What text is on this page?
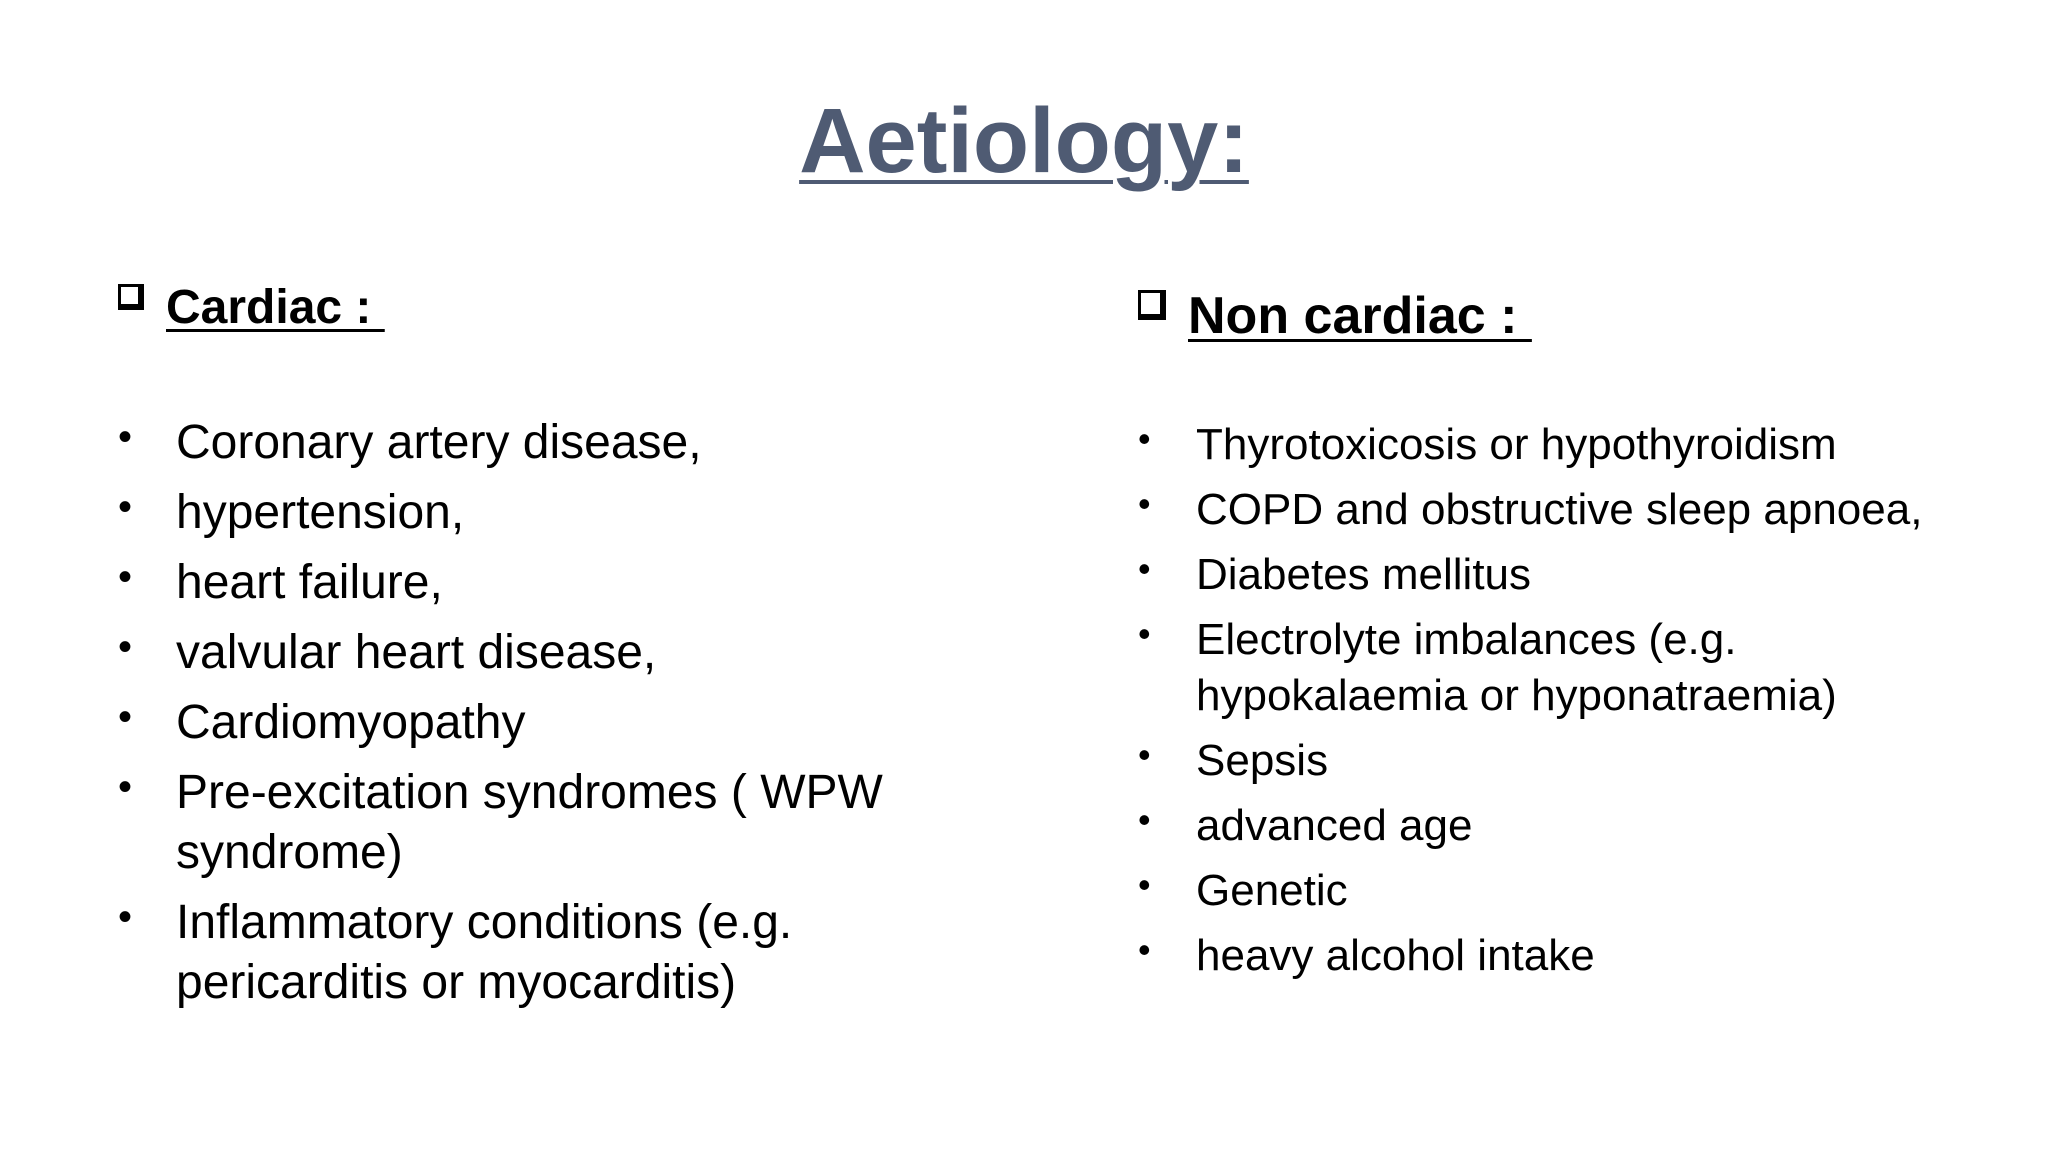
Aetiology:
Cardiac :
• Coronary artery disease,
• hypertension,
• heart failure,
• valvular heart disease,
• Cardiomyopathy
• Pre-excitation syndromes ( WPW syndrome)
• Inflammatory conditions (e.g. pericarditis or myocarditis)
Non cardiac :
• Thyrotoxicosis or hypothyroidism
• COPD and obstructive sleep apnoea,
• Diabetes mellitus
• Electrolyte imbalances (e.g. hypokalaemia or hyponatraemia)
• Sepsis
• advanced age
• Genetic
• heavy alcohol intake
